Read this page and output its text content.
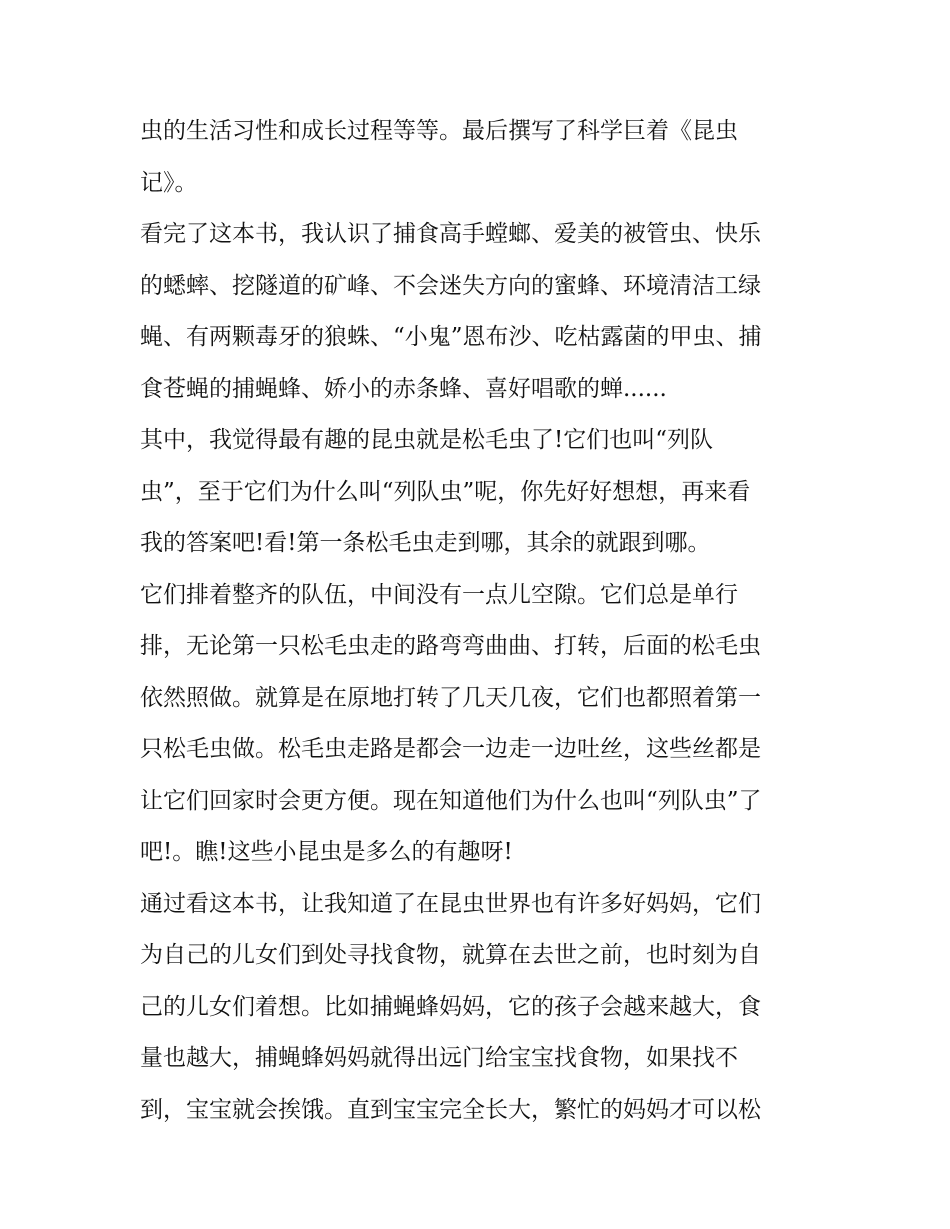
虫的生活习性和成长过程等等。最后撰写了科学巨着《昆虫
记》。
看完了这本书，我认识了捕食高手螳螂、爱美的被管虫、快乐
的蟋蟀、挖隧道的矿峰、不会迷失方向的蜜蜂、环境清洁工绿
蝇、有两颗毒牙的狼蛛、“小鬼”恩布沙、吃枯露菌的甲虫、捕
食苍蝇的捕蝇蜂、娇小的赤条蜂、喜好唱歌的蝉......
其中，我觉得最有趣的昆虫就是松毛虫了!它们也叫“列队
虫”，至于它们为什么叫“列队虫”呢，你先好好想想，再来看
我的答案吧!看!第一条松毛虫走到哪，其余的就跟到哪。
它们排着整齐的队伍，中间没有一点儿空隙。它们总是单行
排，无论第一只松毛虫走的路弯弯曲曲、打转，后面的松毛虫
依然照做。就算是在原地打转了几天几夜，它们也都照着第一
只松毛虫做。松毛虫走路是都会一边走一边吐丝，这些丝都是
让它们回家时会更方便。现在知道他们为什么也叫“列队虫”了
吧!。瞧!这些小昆虫是多么的有趣呀!
通过看这本书，让我知道了在昆虫世界也有许多好妈妈，它们
为自己的儿女们到处寻找食物，就算在去世之前，也时刻为自
己的儿女们着想。比如捕蝇蜂妈妈，它的孩子会越来越大，食
量也越大，捕蝇蜂妈妈就得出远门给宝宝找食物，如果找不
到，宝宝就会挨饿。直到宝宝完全长大，繁忙的妈妈才可以松
